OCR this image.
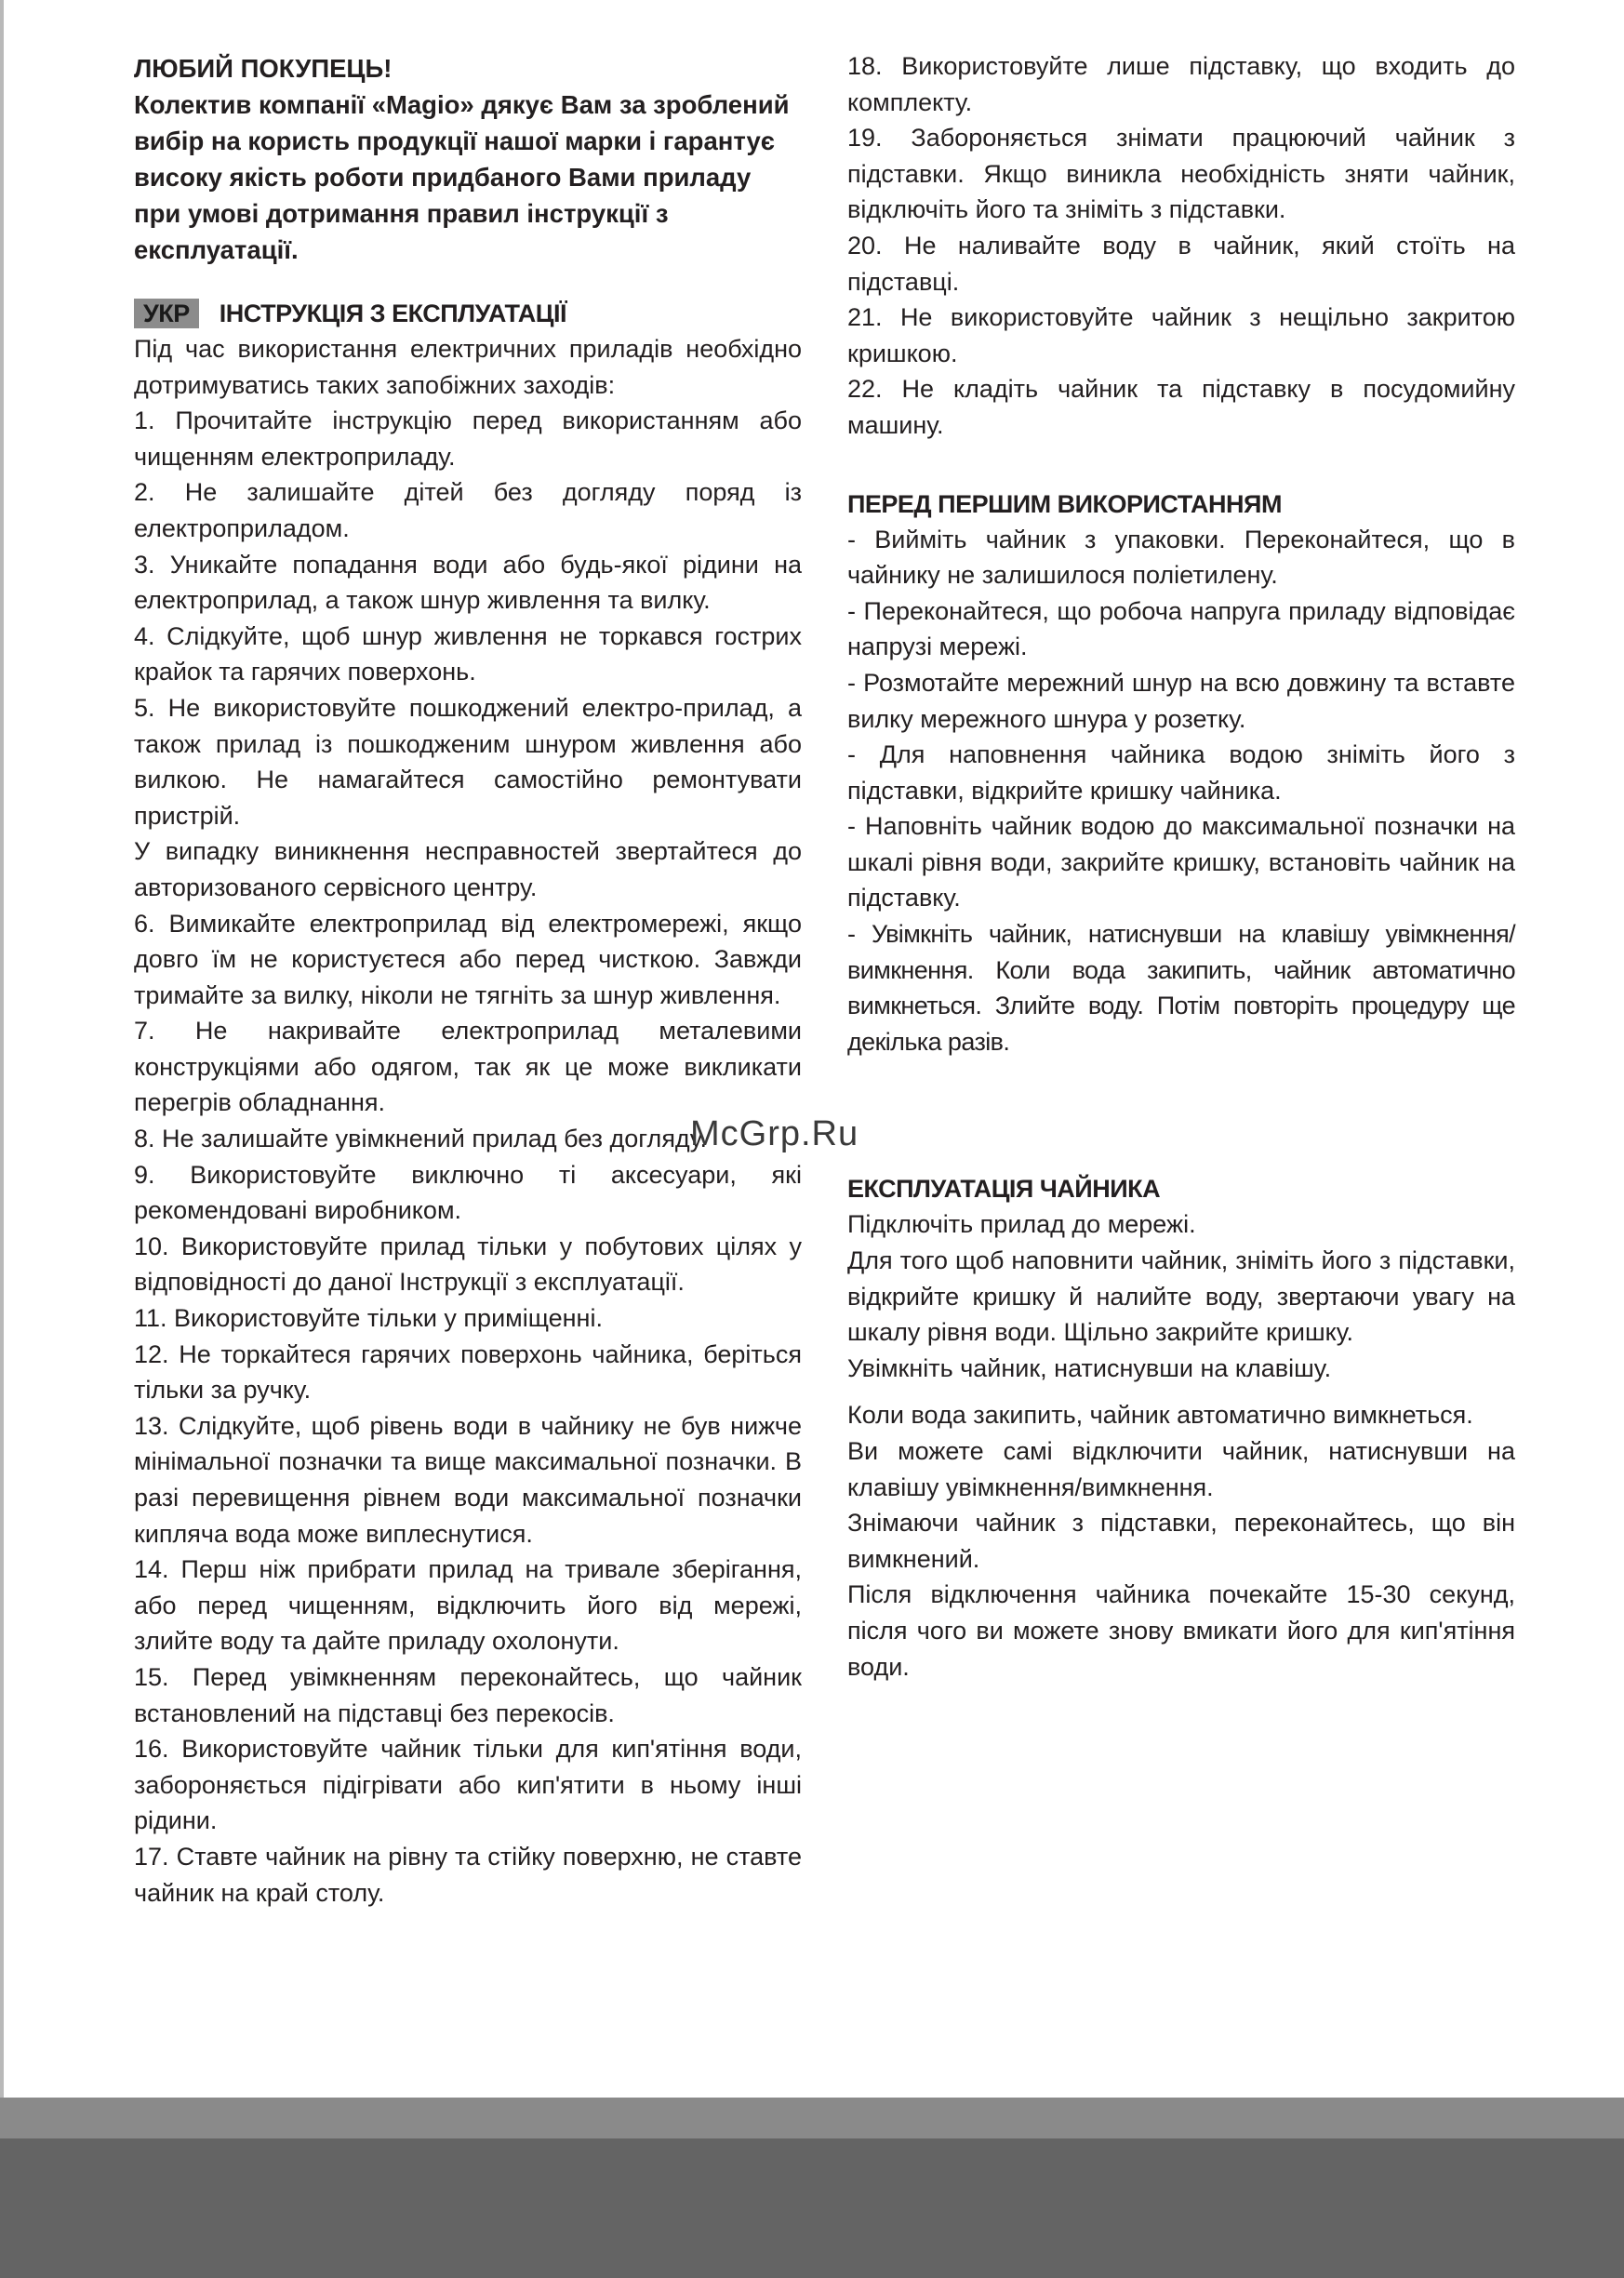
ЛЮБИЙ ПОКУПЕЦЬ!
Колектив компанії «Magio» дякує Вам за зроблений вибір на користь продукції нашої марки і гарантує високу якість роботи придбаного Вами приладу при умові дотримання правил інструкції з експлуатації.
УКР	ІНСТРУКЦІЯ З ЕКСПЛУАТАЦІЇ

Під час використання електричних приладів необхідно дотримуватись таких запобіжних заходів:

1. Прочитайте інструкцію перед використанням або чищенням електроприладу.

2. Не залишайте дітей без догляду поряд із електроприладом.

3. Уникайте попадання води або будь-якої рідини на електроприлад, а також шнур живлення та вилку.

4. Слідкуйте, щоб шнур живлення не торкався гострих крайок та гарячих поверхонь.

5. Не використовуйте пошкоджений електро-прилад, а також прилад із пошкодженим шнуром живлення або вилкою. Не намагайтеся самостійно ремонтувати пристрій.

У випадку виникнення несправностей звертайтеся до авторизованого сервісного центру.

6. Вимикайте електроприлад від електромережі, якщо довго їм не користуєтеся або перед чисткою. Завжди тримайте за вилку, ніколи не тягніть за шнур живлення.

7. Не накривайте електроприлад металевими конструкціями або одягом, так як це може викликати перегрів обладнання.

8. Не залишайте увімкнений прилад без догляду.

9. Використовуйте виключно ті аксесуари, які рекомендовані виробником.

10. Використовуйте прилад тільки у побутових цілях у відповідності до даної Інструкції з експлуатації.

11. Використовуйте тільки у приміщенні.

12. Не торкайтеся гарячих поверхонь чайника, беріться тільки за ручку.

13. Слідкуйте, щоб рівень води в чайнику не був нижче мінімальної позначки та вище максимальної позначки. В разі перевищення рівнем води максимальної позначки кипляча вода може виплеснутися.

14. Перш ніж прибрати прилад на тривале зберігання, або перед чищенням, відключить його від мережі, злийте воду та дайте приладу охолонути.

15. Перед увімкненням переконайтесь, що чайник встановлений на підставці без перекосів.

16. Використовуйте чайник тільки для кип'ятіння води, забороняється підігрівати або кип'ятити в ньому інші рідини.

17. Ставте чайник на рівну та стійку поверхню, не ставте чайник на край столу.

18. Використовуйте лише підставку, що входить до комплекту.

19. Забороняється знімати працюючий чайник з підставки. Якщо виникла необхідність зняти чайник, відключіть його та зніміть з підставки.

20. Не наливайте воду в чайник, який стоїть на підставці.

21. Не використовуйте чайник з нещільно закритою кришкою.

22. Не кладіть чайник та підставку в посудомийну машину.

ПЕРЕД ПЕРШИМ ВИКОРИСТАННЯМ

- Вийміть чайник з упаковки. Переконайтеся, що в чайнику не залишилося поліетилену.

- Переконайтеся, що робоча напруга приладу відповідає напрузі мережі.

- Розмотайте мережний шнур на всю довжину та вставте вилку мережного шнура у розетку.

- Для наповнення чайника водою зніміть його з підставки, відкрийте кришку чайника.

- Наповніть чайник водою до максимальної позначки на шкалі рівня води, закрийте кришку, встановіть чайник на підставку.

- Увімкніть чайник, натиснувши на клавішу увімкнення/вимкнення. Коли вода закипить, чайник автоматично вимкнеться. Злийте воду. Потім повторіть процедуру ще декілька разів.

ЕКСПЛУАТАЦІЯ ЧАЙНИКА

Підключіть прилад до мережі.

Для того щоб наповнити чайник, зніміть його з підставки, відкрийте кришку й налийте воду, звертаючи увагу на шкалу рівня води. Щільно закрийте кришку.

Увімкніть чайник, натиснувши на клавішу.

Коли вода закипить, чайник автоматично вимкнеться.

Ви можете самі відключити чайник, натиснувши на клавішу увімкнення/вимкнення.

Знімаючи чайник з підставки, переконайтесь, що він вимкнений.

Після відключення чайника почекайте 15-30 секунд, після чого ви можете знову вмикати його для кип'ятіння води.

McGrp.Ru
